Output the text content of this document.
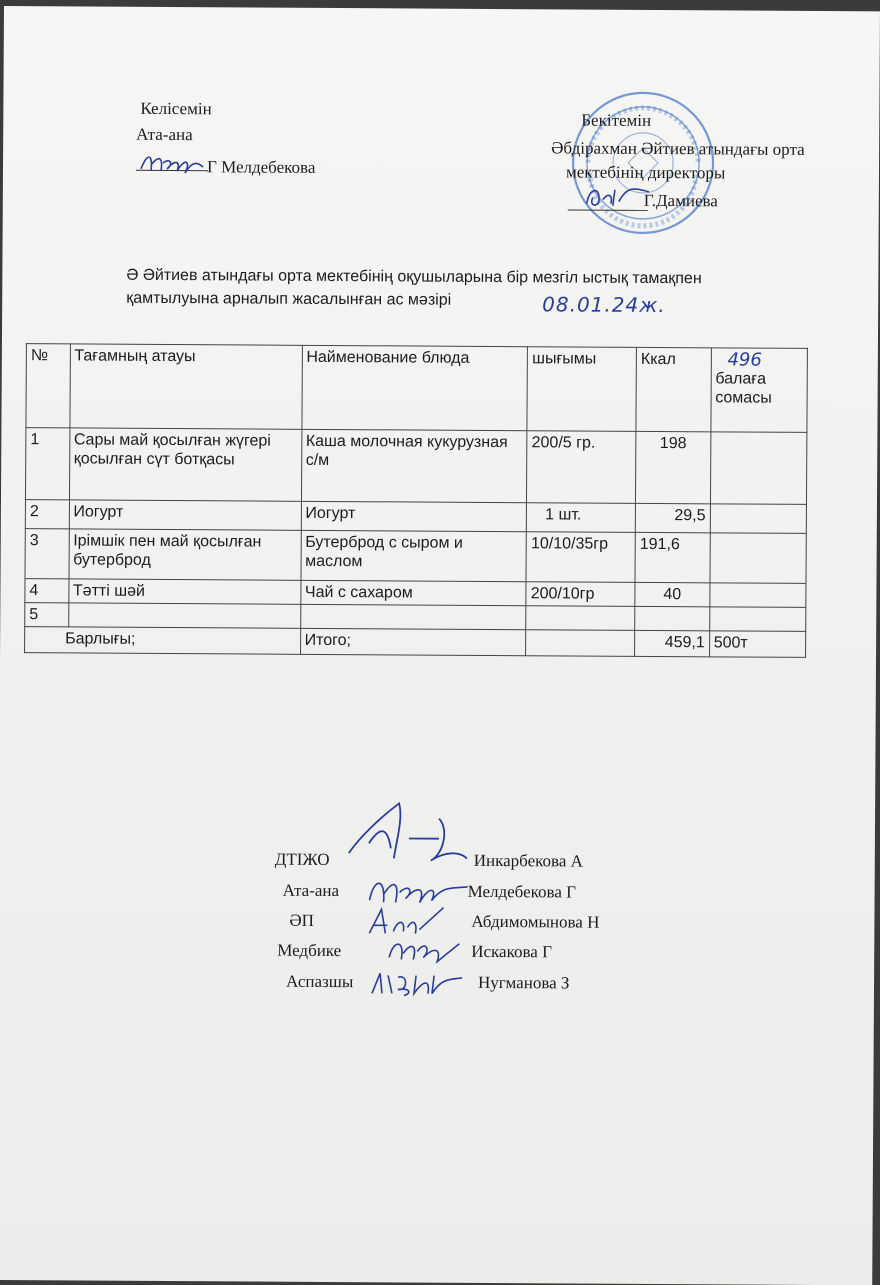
Келісемін
Ата-ана
Г Мелдебекова
Бекітемін
Әбдірахман Әйтиев атындағы орта
мектебінің директоры
Г.Дамиева
Ә Әйтиев атындағы орта мектебінің оқушыларына бір мезгіл ыстық тамақпен
қамтылуына арналып жасалынған ас мәзірі	08.01.24ж.
№	Тағамның атауы	Найменование блюда	шығымы	Ккал	496
балаға сомасы

1	Сары май қосылған жүгері қосылған сүт ботқасы	Каша молочная кукурузная с/м	200/5 гр.	198	
2	Иогурт	Иогурт	1 шт.	29,5	
3	Ірімшік пен май қосылған бутерброд	Бутерброд с сыром и маслом	10/10/35гр	191,6	
4	Тәтті шәй	Чай с сахаром	200/10гр	40	
5					
Барлығы;		Итого;		459,1	500т
ДТІЖО	Инкарбекова А
Ата-ана	Мелдебекова Г
ӘП	Абдимомынова Н
Медбике	Искакова Г
Аспазшы	Нугманова З
